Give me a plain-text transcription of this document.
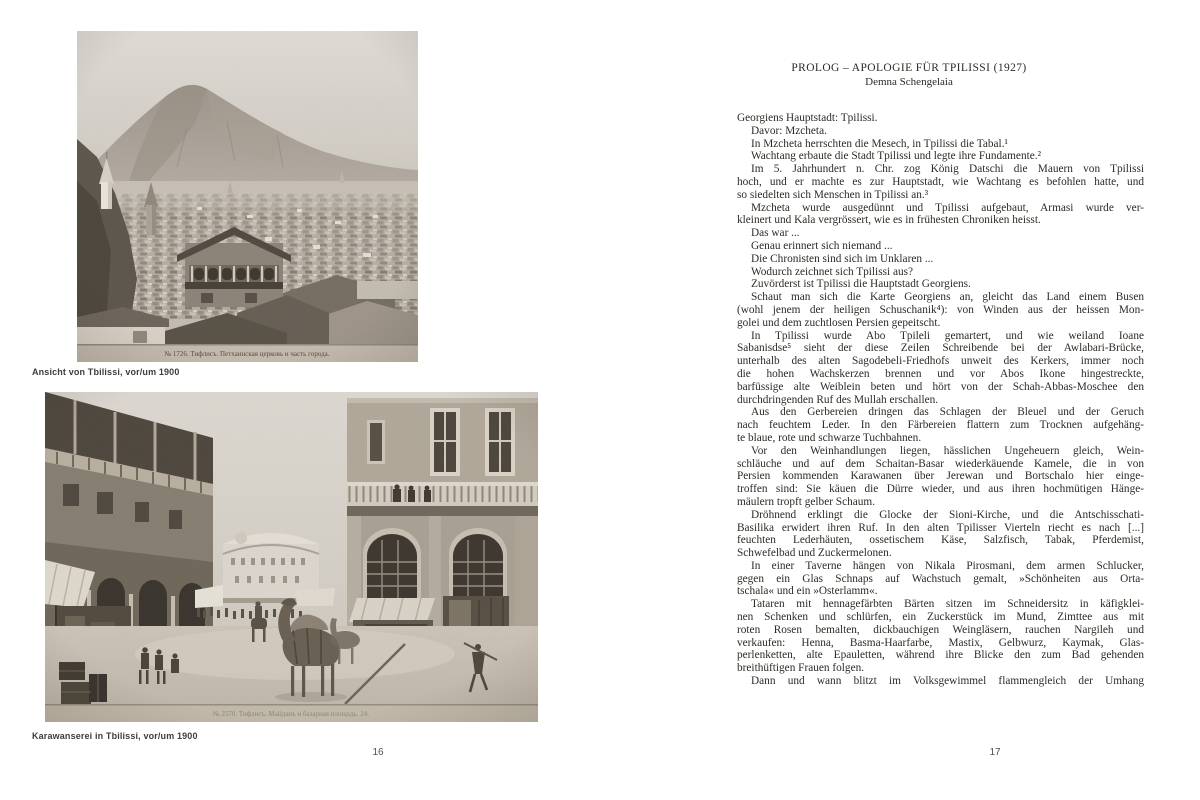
Ansicht von Tbilissi, vor/um 1900
Karawanserei in Tbilissi, vor/um 1900
16
PROLOG – APOLOGIE FÜR TPILISSI (1927)
Demna Schengelaia
Georgiens Hauptstadt: Tpilissi.
Davor: Mzcheta.
In Mzcheta herrschten die Mesech, in Tpilissi die Tabal.¹
Wachtang erbaute die Stadt Tpilissi und legte ihre Fundamente.²
Im 5. Jahrhundert n. Chr. zog König Datschi die Mauern von Tpilissi
hoch, und er machte es zur Hauptstadt, wie Wachtang es befohlen hatte, und
so siedelten sich Menschen in Tpilissi an.³
Mzcheta wurde ausgedünnt und Tpilissi aufgebaut, Armasi wurde ver-
kleinert und Kala vergrössert, wie es in frühesten Chroniken heisst.
Das war ...
Genau erinnert sich niemand ...
Die Chronisten sind sich im Unklaren ...
Wodurch zeichnet sich Tpilissi aus?
Zuvörderst ist Tpilissi die Hauptstadt Georgiens.
Schaut man sich die Karte Georgiens an, gleicht das Land einem Busen
(wohl jenem der heiligen Schuschanik⁴): von Winden aus der heissen Mon-
golei und dem zuchtlosen Persien gepeitscht.
In Tpilissi wurde Abo Tpileli gemartert, und wie weiland Ioane
Sabanisdse⁵ sieht der diese Zeilen Schreibende bei der Awlabari-Brücke,
unterhalb des alten Sagodebeli-Friedhofs unweit des Kerkers, immer noch
die hohen Wachskerzen brennen und vor Abos Ikone hingestreckte,
barfüssige alte Weiblein beten und hört von der Schah-Abbas-Moschee den
durchdringenden Ruf des Mullah erschallen.
Aus den Gerbereien dringen das Schlagen der Bleuel und der Geruch
nach feuchtem Leder. In den Färbereien flattern zum Trocknen aufgehäng-
te blaue, rote und schwarze Tuchbahnen.
Vor den Weinhandlungen liegen, hässlichen Ungeheuern gleich, Wein-
schläuche und auf dem Schaitan-Basar wiederkäuende Kamele, die in von
Persien kommenden Karawanen über Jerewan und Bortschalo hier einge-
troffen sind: Sie käuen die Dürre wieder, und aus ihren hochmütigen Hänge-
mäulern tropft gelber Schaum.
Dröhnend erklingt die Glocke der Sioni-Kirche, und die Antschisschati-
Basilika erwidert ihren Ruf. In den alten Tpilisser Vierteln riecht es nach [...]
feuchten Lederhäuten, ossetischem Käse, Salzfisch, Tabak, Pferdemist,
Schwefelbad und Zuckermelonen.
In einer Taverne hängen von Nikala Pirosmani, dem armen Schlucker,
gegen ein Glas Schnaps auf Wachstuch gemalt, »Schönheiten aus Orta-
tschala« und ein »Osterlamm«.
Tataren mit hennagefärbten Bärten sitzen im Schneidersitz in käfigklei-
nen Schenken und schlürfen, ein Zuckerstück im Mund, Zimttee aus mit
roten Rosen bemalten, dickbauchigen Weingläsern, rauchen Nargileh und
verkaufen: Henna, Basma-Haarfarbe, Mastix, Gelbwurz, Kaymak, Glas-
perlenketten, alte Epauletten, während ihre Blicke den zum Bad gehenden
breithüftigen Frauen folgen.
Dann und wann blitzt im Volksgewimmel flammengleich der Umhang
17
